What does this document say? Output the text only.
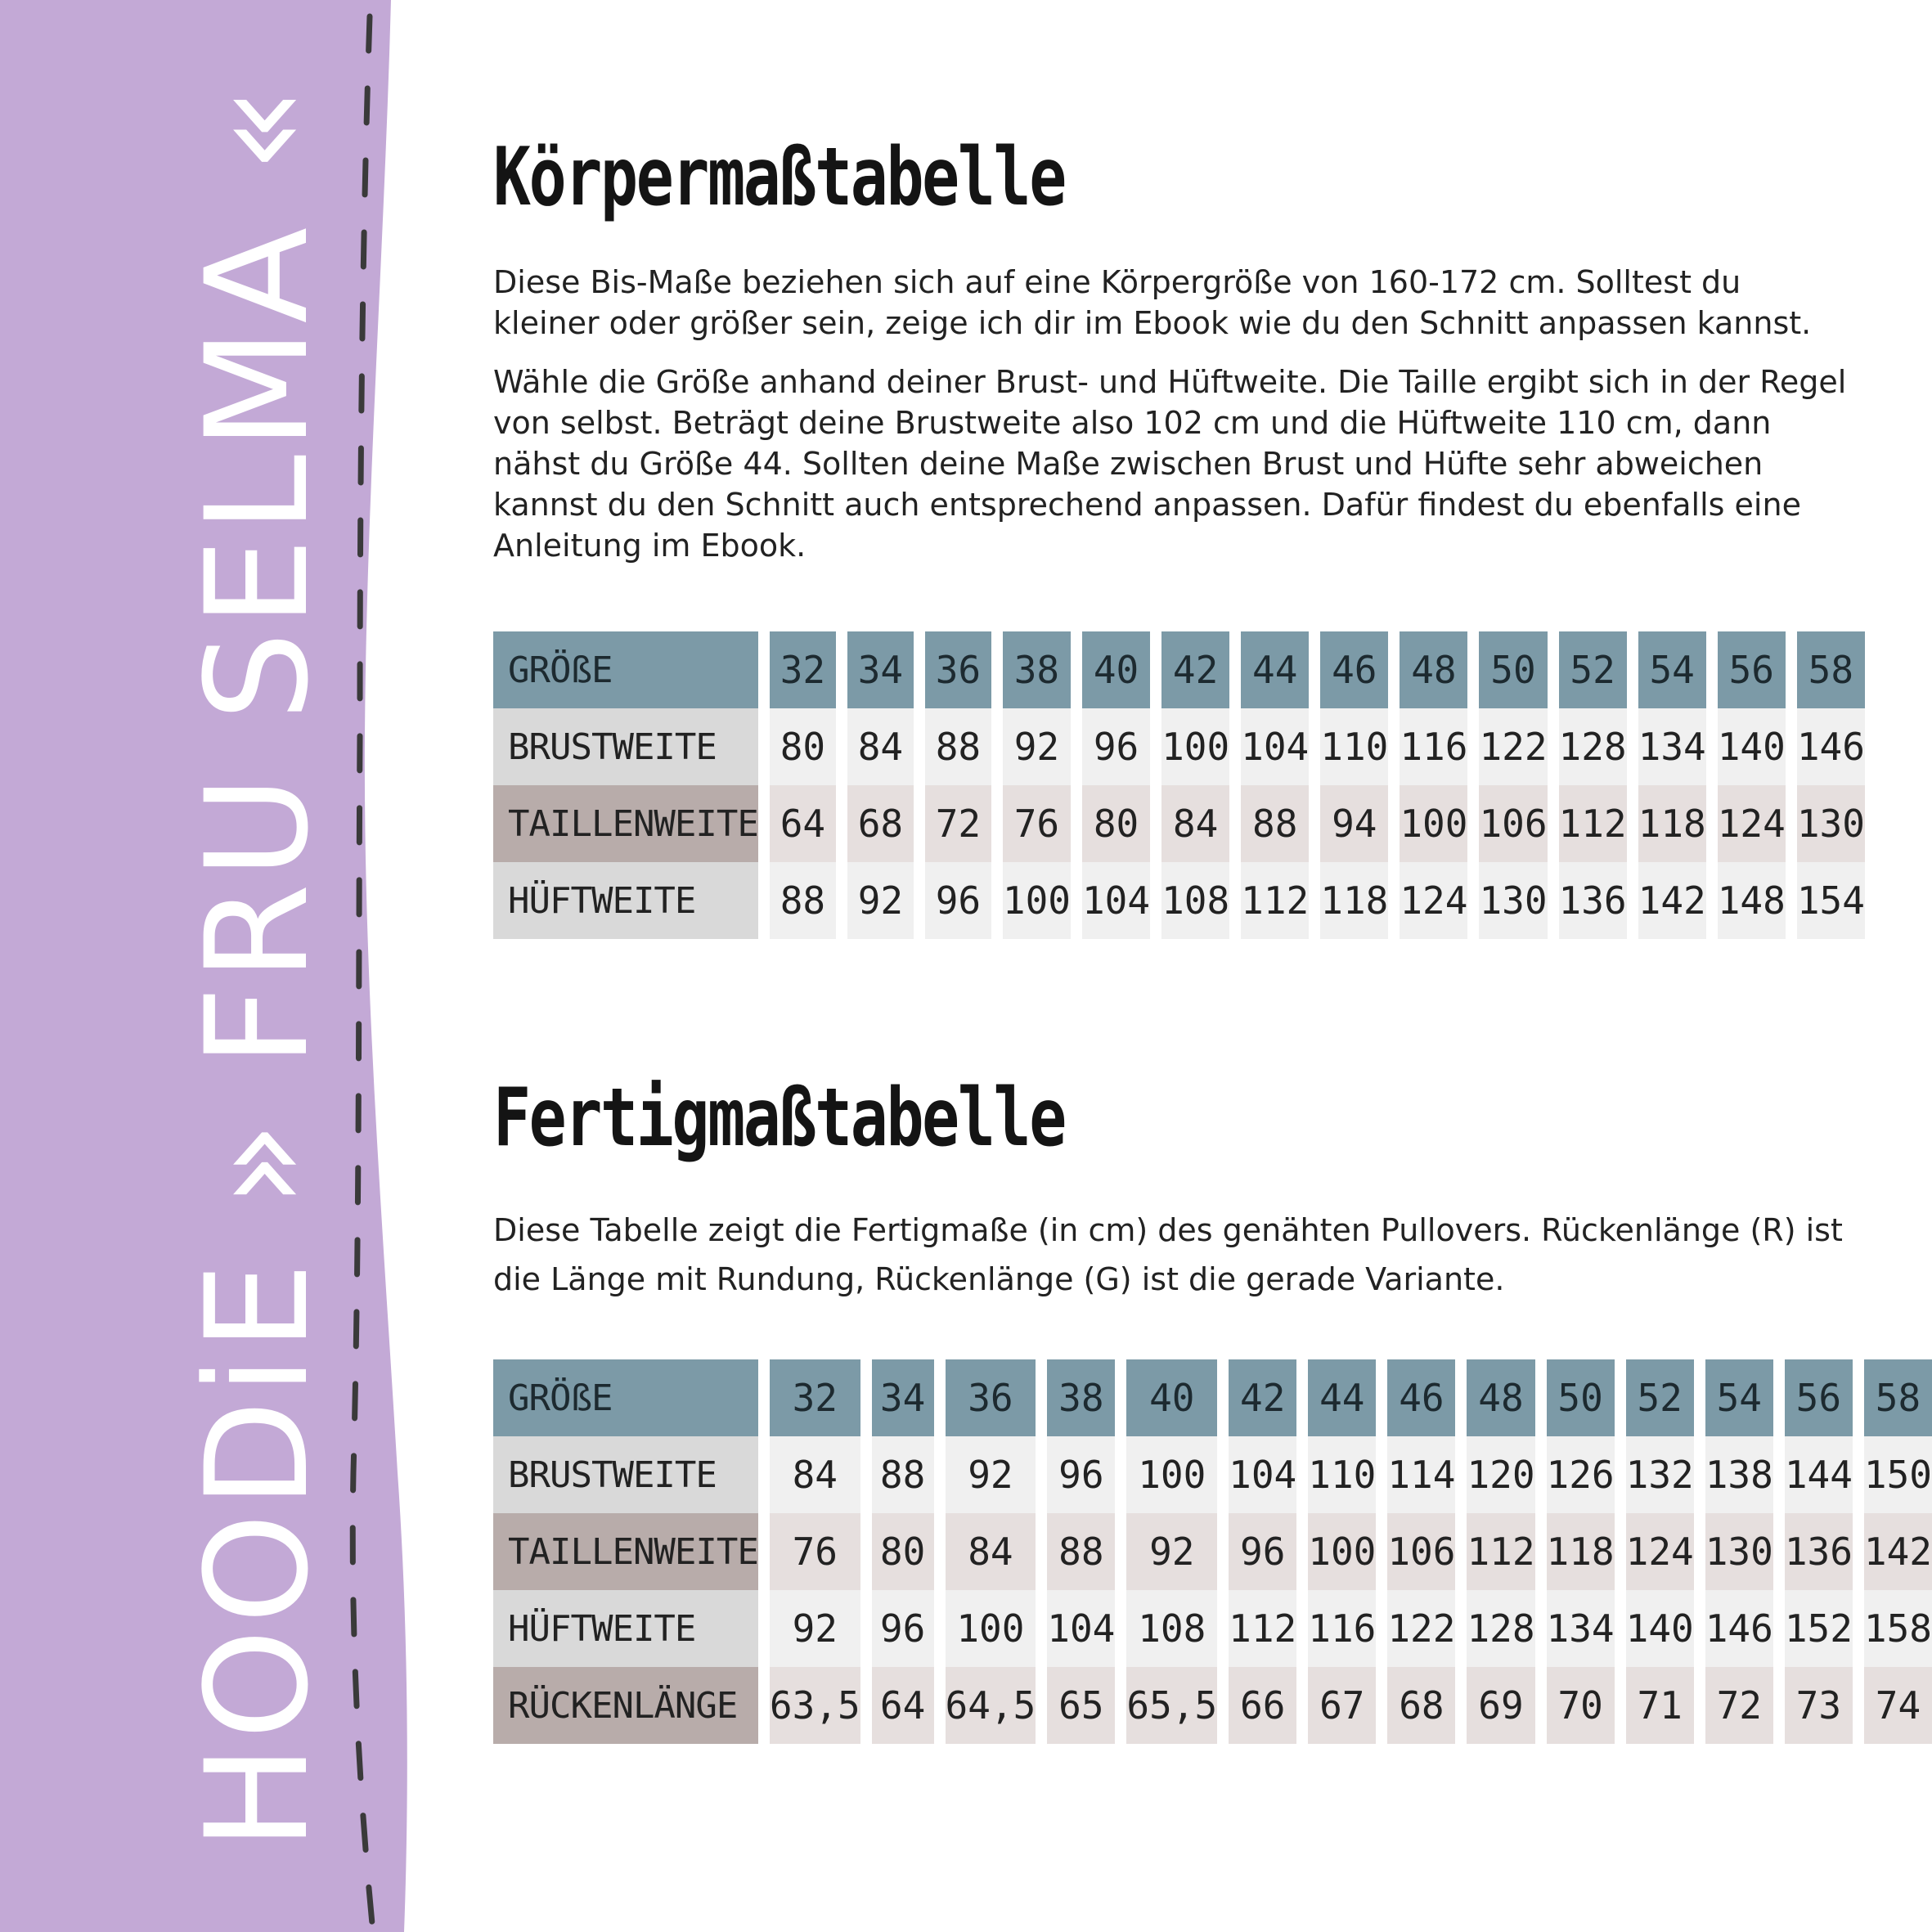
HOODiE » FRU SELMA « Körpermaßtabelle

Diese Bis-Maße beziehen sich auf eine Körpergröße von 160-172 cm. Solltest du kleiner oder größer sein, zeige ich dir im Ebook wie du den Schnitt anpassen kannst.

Wähle die Größe anhand deiner Brust- und Hüftweite. Die Taille ergibt sich in der Regel von selbst. Beträgt deine Brustweite also 102 cm und die Hüftweite 110 cm, dann nähst du Größe 44. Sollten deine Maße zwischen Brust und Hüfte sehr abweichen kannst du den Schnitt auch entsprechend anpassen. Dafür findest du ebenfalls eine Anleitung im Ebook.

GRÖßE	32	34	36	38	40	42	44	46	48	50	52	54	56	58
BRUSTWEITE	80	84	88	92	96	100	104	110	116	122	128	134	140	146
TAILLENWEITE	64	68	72	76	80	84	88	94	100	106	112	118	124	130
HÜFTWEITE	88	92	96	100	104	108	112	118	124	130	136	142	148	154
Fertigmaßtabelle

Diese Tabelle zeigt die Fertigmaße (in cm) des genähten Pullovers. Rückenlänge (R) ist die Länge mit Rundung, Rückenlänge (G) ist die gerade Variante.

GRÖßE	32	34	36	38	40	42	44	46	48	50	52	54	56	58
BRUSTWEITE	84	88	92	96	100	104	110	114	120	126	132	138	144	150
TAILLENWEITE	76	80	84	88	92	96	100	106	112	118	124	130	136	142
HÜFTWEITE	92	96	100	104	108	112	116	122	128	134	140	146	152	158
RÜCKENLÄNGE	63,5	64	64,5	65	65,5	66	67	68	69	70	71	72	73	74
